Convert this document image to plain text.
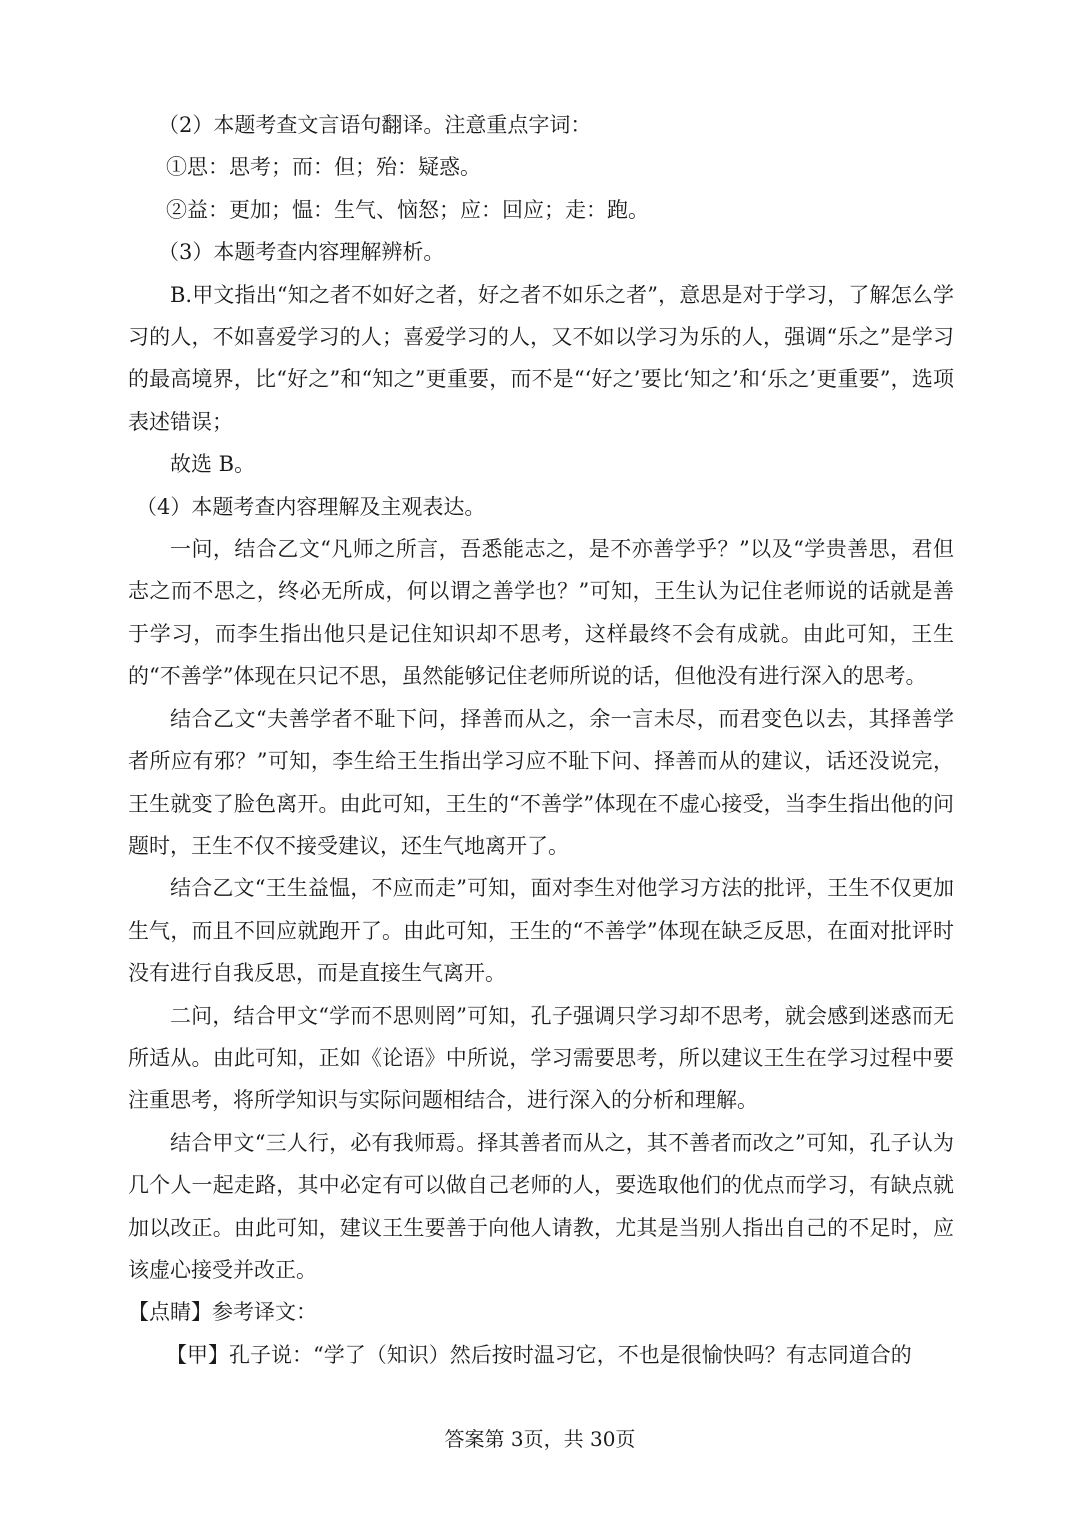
（2）本题考查文言语句翻译。注意重点字词：

①思：思考；而：但；殆：疑惑。

②益：更加；愠：生气、恼怒；应：回应；走：跑。

（3）本题考查内容理解辨析。

B.甲文指出“知之者不如好之者，好之者不如乐之者”，意思是对于学习，了解怎么学习的人，不如喜爱学习的人；喜爱学习的人，又不如以学习为乐的人，强调“乐之”是学习的最高境界，比“好之”和“知之”更重要，而不是“‘好之’要比‘知之’和‘乐之’更重要”，选项表述错误；

故选 B。

（4）本题考查内容理解及主观表达。

一问，结合乙文“凡师之所言，吾悉能志之，是不亦善学乎？”以及“学贵善思，君但志之而不思之，终必无所成，何以谓之善学也？”可知，王生认为记住老师说的话就是善于学习，而李生指出他只是记住知识却不思考，这样最终不会有成就。由此可知，王生的“不善学”体现在只记不思，虽然能够记住老师所说的话，但他没有进行深入的思考。

结合乙文“夫善学者不耻下问，择善而从之，余一言未尽，而君变色以去，其择善学者所应有邪？”可知，李生给王生指出学习应不耻下问、择善而从的建议，话还没说完，王生就变了脸色离开。由此可知，王生的“不善学”体现在不虚心接受，当李生指出他的问题时，王生不仅不接受建议，还生气地离开了。

结合乙文“王生益愠，不应而走”可知，面对李生对他学习方法的批评，王生不仅更加生气，而且不回应就跑开了。由此可知，王生的“不善学”体现在缺乏反思，在面对批评时没有进行自我反思，而是直接生气离开。

二问，结合甲文“学而不思则罔”可知，孔子强调只学习却不思考，就会感到迷惑而无所适从。由此可知，正如《论语》中所说，学习需要思考，所以建议王生在学习过程中要注重思考，将所学知识与实际问题相结合，进行深入的分析和理解。

结合甲文“三人行，必有我师焉。择其善者而从之，其不善者而改之”可知，孔子认为几个人一起走路，其中必定有可以做自己老师的人，要选取他们的优点而学习，有缺点就加以改正。由此可知，建议王生要善于向他人请教，尤其是当别人指出自己的不足时，应该虚心接受并改正。

【点睛】参考译文：

【甲】孔子说：“学了（知识）然后按时温习它，不也是很愉快吗？有志同道合的

答案第 3页，共 30页
